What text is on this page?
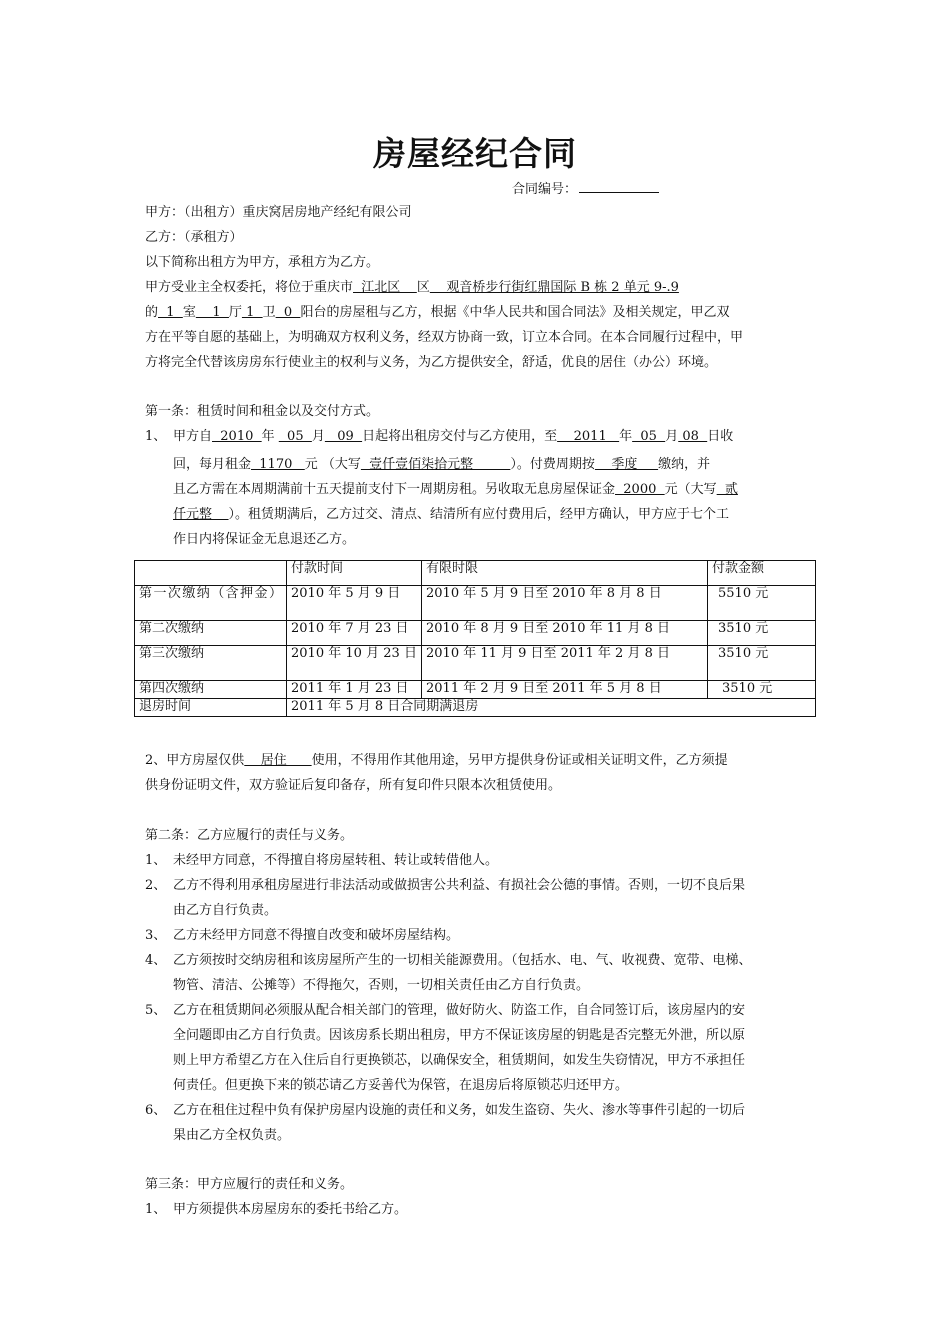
房屋经纪合同
合同编号：
甲方：（出租方）重庆窝居房地产经纪有限公司
乙方：（承租方）
以下简称出租方为甲方，承租方为乙方。
甲方受业主全权委托，将位于重庆市  江北区    区    观音桥步行街红鼎国际 B 栋 2 单元 9-.9
的  1  室    1  厅 1  卫  0  阳台的房屋租与乙方，根据《中华人民共和国合同法》及相关规定，甲乙双
方在平等自愿的基础上，为明确双方权利义务，经双方协商一致，订立本合同。在本合同履行过程中，甲
方将完全代替该房房东行使业主的权利与义务，为乙方提供安全，舒适，优良的居住（办公）环境。
第一条：租赁时间和租金以及交付方式。
1、 甲方自  2010  年   05  月   09  日起将出租房交付与乙方使用，至    2011   年  05  月 08  日收
回，每月租金  1170   元 （大写  壹仟壹佰柒拾元整         ）。付费周期按    季度     缴纳，并
且乙方需在本周期满前十五天提前支付下一周期房租。另收取无息房屋保证金  2000  元（大写  贰
仟元整    ）。租赁期满后，乙方过交、清点、结清所有应付费用后，经甲方确认，甲方应于七个工
作日内将保证金无息退还乙方。
	付款时间	有限时限	付款金额
第一次缴纳（含押金）	2010 年 5 月 9 日	2010 年 5 月 9 日至 2010 年 8 月 8 日	5510 元
第二次缴纳	2010 年 7 月 23 日	2010 年 8 月 9 日至 2010 年 11 月 8 日	3510 元
第三次缴纳	2010 年 10 月 23 日	2010 年 11 月 9 日至 2011 年 2 月 8 日	3510 元
第四次缴纳	2011 年 1 月 23 日	2011 年 2 月 9 日至 2011 年 5 月 8 日	3510 元
退房时间	2011 年 5 月 8 日合同期满退房		
2、甲方房屋仅供    居住      使用，不得用作其他用途，另甲方提供身份证或相关证明文件，乙方须提
供身份证明文件，双方验证后复印备存，所有复印件只限本次租赁使用。
第二条：乙方应履行的责任与义务。
1、 未经甲方同意，不得擅自将房屋转租、转让或转借他人。
2、 乙方不得利用承租房屋进行非法活动或做损害公共利益、有损社会公德的事情。否则，一切不良后果
由乙方自行负责。
3、 乙方未经甲方同意不得擅自改变和破坏房屋结构。
4、 乙方须按时交纳房租和该房屋所产生的一切相关能源费用。（包括水、电、气、收视费、宽带、电梯、
物管、清洁、公摊等）不得拖欠，否则，一切相关责任由乙方自行负责。
5、 乙方在租赁期间必须服从配合相关部门的管理，做好防火、防盗工作，自合同签订后，该房屋内的安
全问题即由乙方自行负责。因该房系长期出租房，甲方不保证该房屋的钥匙是否完整无外泄，所以原
则上甲方希望乙方在入住后自行更换锁芯，以确保安全，租赁期间，如发生失窃情况，甲方不承担任
何责任。但更换下来的锁芯请乙方妥善代为保管，在退房后将原锁芯归还甲方。
6、 乙方在租住过程中负有保护房屋内设施的责任和义务，如发生盗窃、失火、渗水等事件引起的一切后
果由乙方全权负责。
第三条：甲方应履行的责任和义务。
1、 甲方须提供本房屋房东的委托书给乙方。
